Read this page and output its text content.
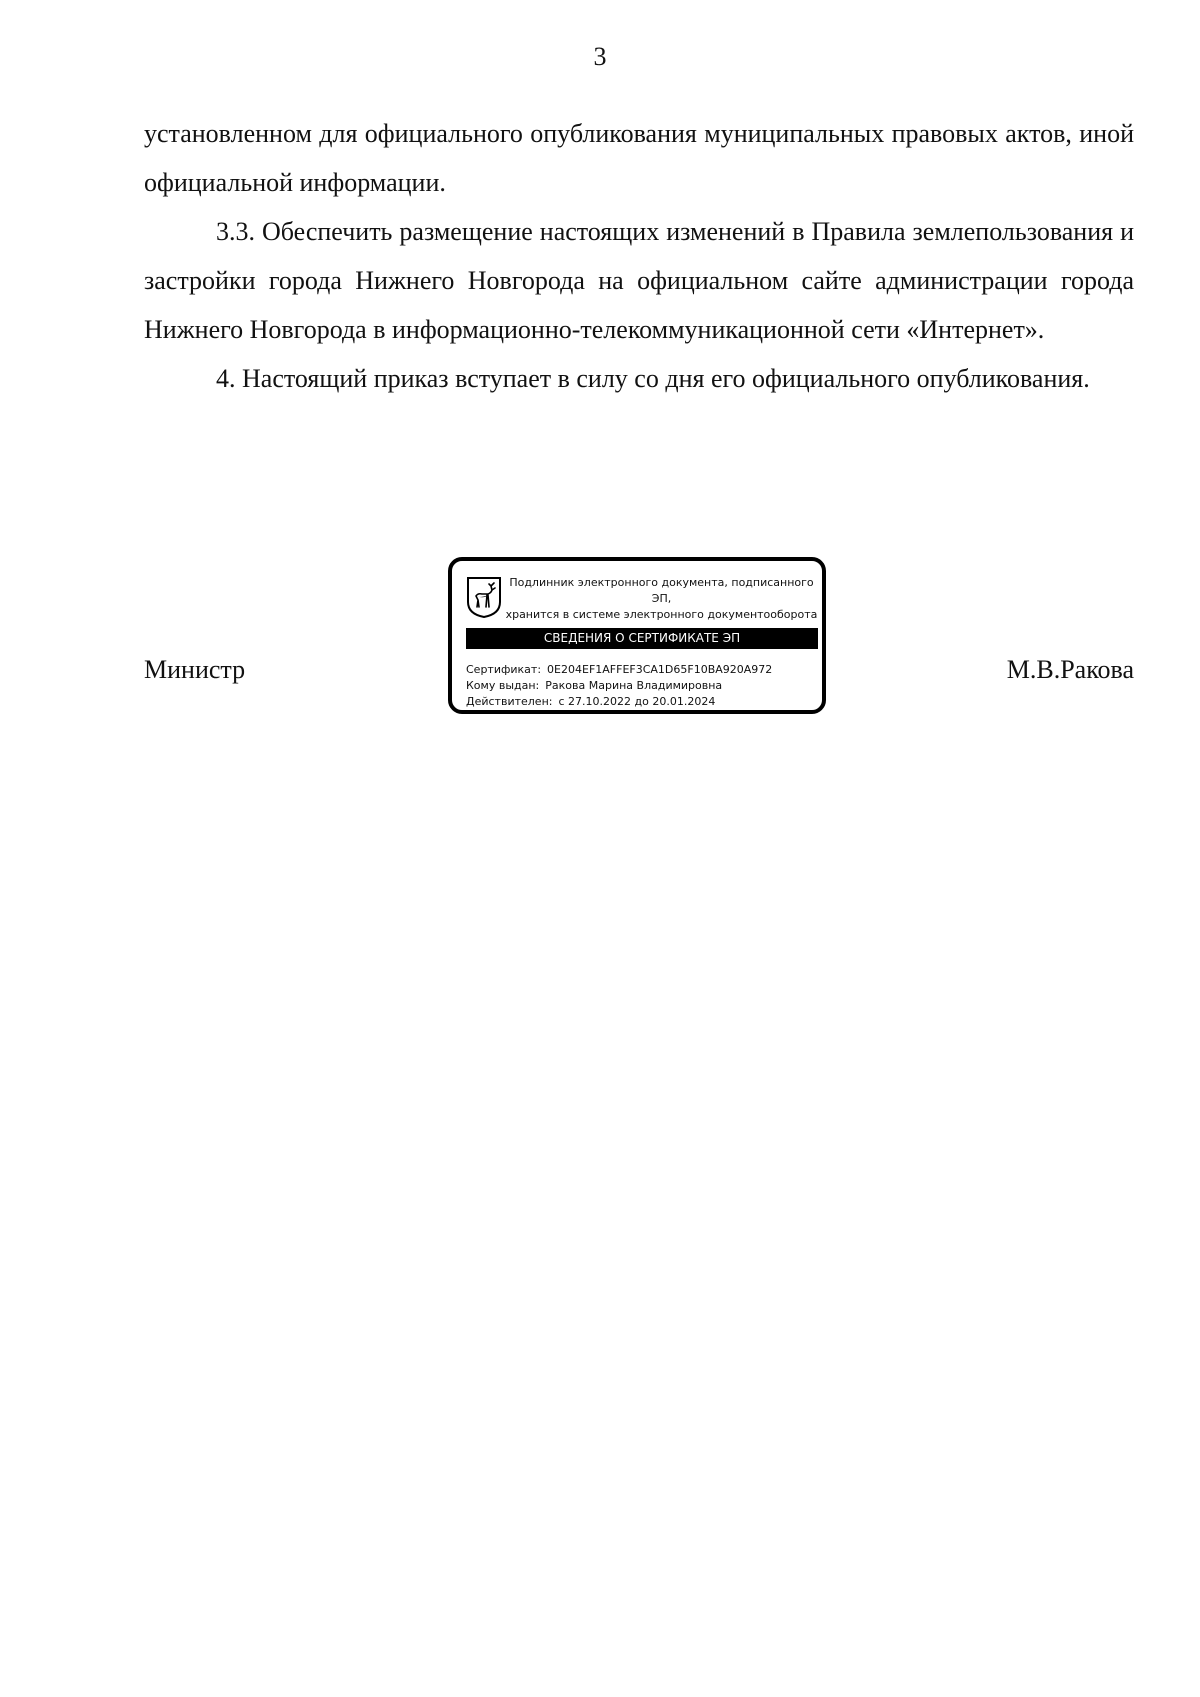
3

установленном для официального опубликования муниципальных правовых актов, иной официальной информации.

3.3. Обеспечить размещение настоящих изменений в Правила землепользования и застройки города Нижнего Новгорода на официальном сайте администрации города Нижнего Новгорода в информационно-телекоммуникационной сети «Интернет».

4. Настоящий приказ вступает в силу со дня его официального опубликования.

Министр	М.В.Ракова
Подлинник электронного документа, подписанного ЭП,
хранится в системе электронного документооборота
СВЕДЕНИЯ О СЕРТИФИКАТЕ ЭП
Сертификат: 0E204EF1AFFEF3CA1D65F10BA920A972
Кому выдан: Ракова Марина Владимировна
Действителен: с 27.10.2022 до 20.01.2024
